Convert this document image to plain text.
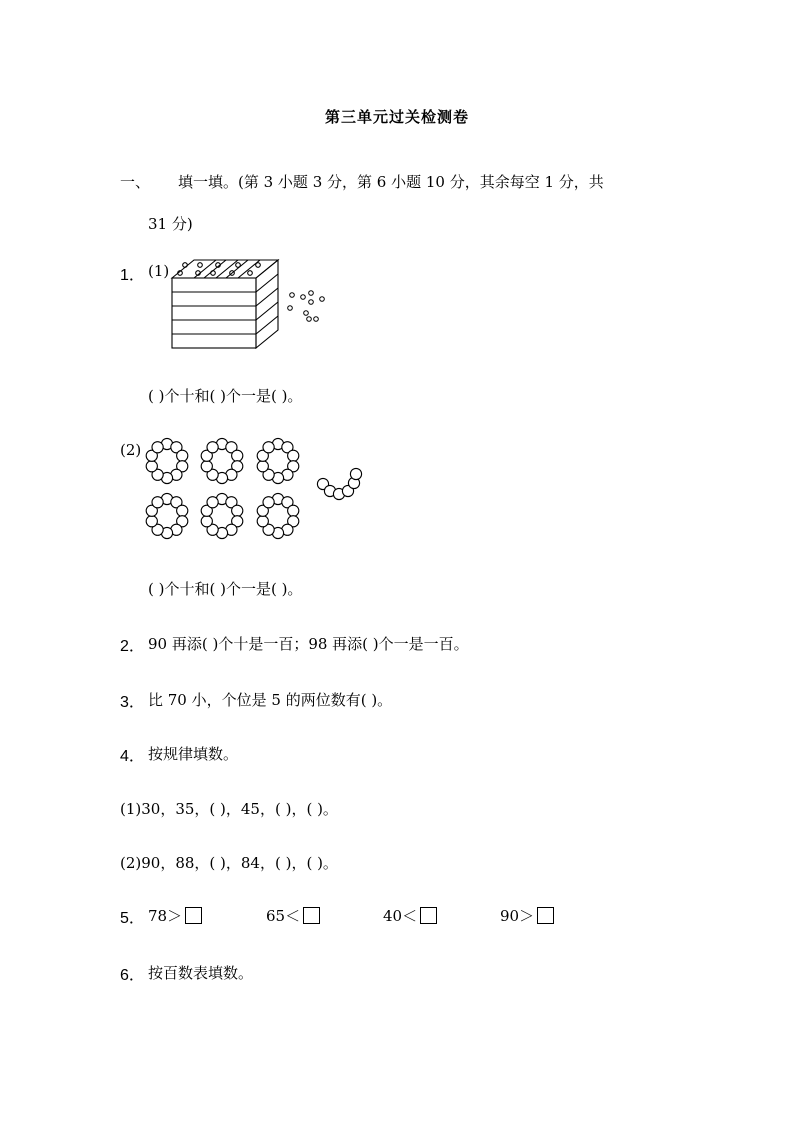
第三单元过关检测卷
一、 填一填。(第 3 小题 3 分，第 6 小题 10 分，其余每空 1 分，共
31 分)
1． (1)
( )个十和( )个一是( )。
(2)
( )个十和( )个一是( )。
2． 90 再添( )个十是一百；98 再添( )个一是一百。
3． 比 70 小，个位是 5 的两位数有( )。
4． 按规律填数。
(1)30，35，( )，45，( )，( )。
(2)90，88，( )，84，( )，( )。
5． 78＞	65＜	40＜	90＞
6． 按百数表填数。
